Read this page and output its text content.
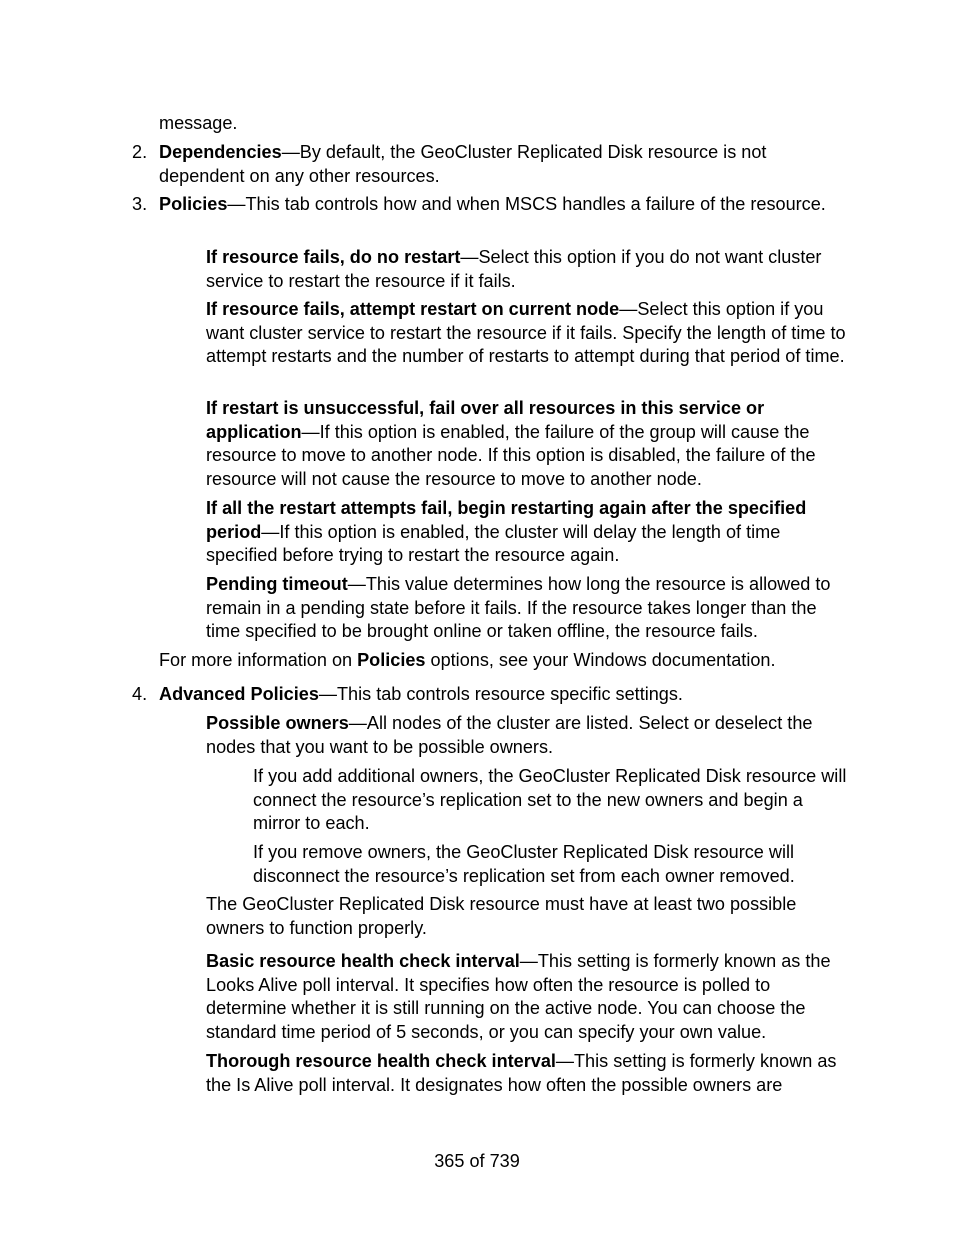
message.

2. Dependencies—By default, the GeoCluster Replicated Disk resource is not dependent on any other resources.

3. Policies—This tab controls how and when MSCS handles a failure of the resource.

If resource fails, do no restart—Select this option if you do not want cluster service to restart the resource if it fails.

If resource fails, attempt restart on current node—Select this option if you want cluster service to restart the resource if it fails. Specify the length of time to attempt restarts and the number of restarts to attempt during that period of time.

If restart is unsuccessful, fail over all resources in this service or application—If this option is enabled, the failure of the group will cause the resource to move to another node. If this option is disabled, the failure of the resource will not cause the resource to move to another node.

If all the restart attempts fail, begin restarting again after the specified period—If this option is enabled, the cluster will delay the length of time specified before trying to restart the resource again.

Pending timeout—This value determines how long the resource is allowed to remain in a pending state before it fails. If the resource takes longer than the time specified to be brought online or taken offline, the resource fails.

For more information on Policies options, see your Windows documentation.

4. Advanced Policies—This tab controls resource specific settings.

Possible owners—All nodes of the cluster are listed. Select or deselect the nodes that you want to be possible owners.

If you add additional owners, the GeoCluster Replicated Disk resource will connect the resource’s replication set to the new owners and begin a mirror to each.

If you remove owners, the GeoCluster Replicated Disk resource will disconnect the resource’s replication set from each owner removed.

The GeoCluster Replicated Disk resource must have at least two possible owners to function properly.

Basic resource health check interval—This setting is formerly known as the Looks Alive poll interval. It specifies how often the resource is polled to determine whether it is still running on the active node. You can choose the standard time period of 5 seconds, or you can specify your own value.

Thorough resource health check interval—This setting is formerly known as the Is Alive poll interval. It designates how often the possible owners are

365 of 739
